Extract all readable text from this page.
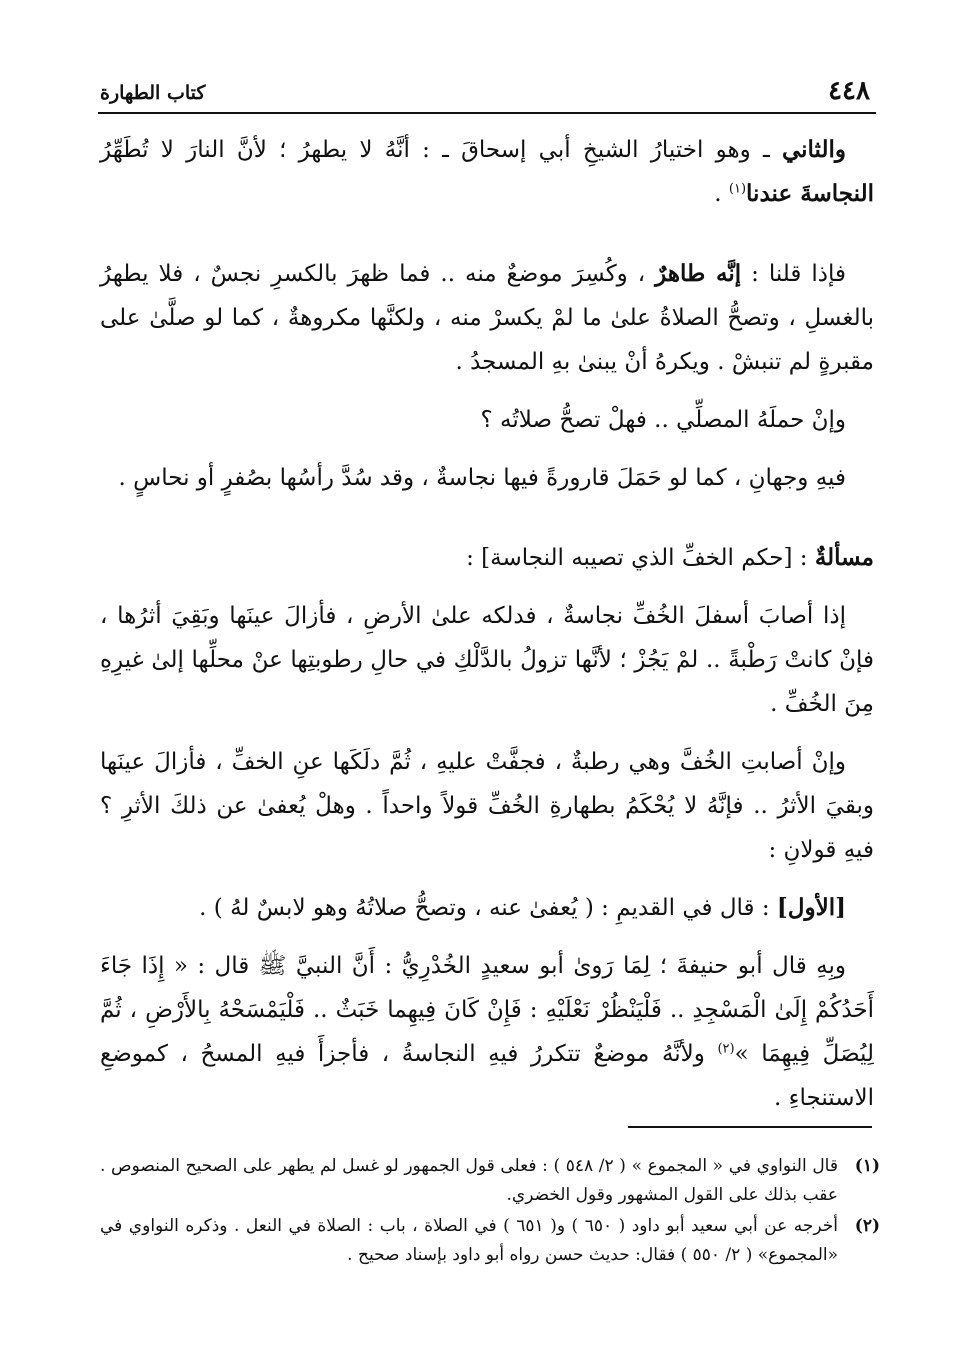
٤٤٨
كتاب الطهارة

والثاني ـ وهو اختيارُ الشيخِ أبي إسحاقَ ـ : أنَّهُ لا يطهرُ ؛ لأنَّ النارَ لا تُطَهِّرُ النجاسةَ عندنا$^{(١)}$ .

فإذا قلنا : إنَّه طاهرٌ ، وكُسِرَ موضعٌ منه .. فما ظهرَ بالكسرِ نجسٌ ، فلا يطهرُ بالغسلِ ، وتصحُّ الصلاةُ علىٰ ما لمْ يكسرْ منه ، ولكنَّها مكروهةٌ ، كما لو صلَّىٰ على مقبرةٍ لم تنبشْ . ويكرهُ أنْ يبنىٰ بهِ المسجدُ .

وإنْ حملَهُ المصلِّي .. فهلْ تصحُّ صلاتُه ؟

فيهِ وجهانِ ، كما لو حَمَلَ قارورةً فيها نجاسةٌ ، وقد سُدَّ رأسُها بصُفرٍ أو نحاسٍ .

مسألةٌ : [حكم الخفِّ الذي تصيبه النجاسة] :

إذا أصابَ أسفلَ الخُفِّ نجاسةٌ ، فدلكه علىٰ الأرضِ ، فأزالَ عينَها وبَقِيَ أثرُها ، فإنْ كانتْ رَطْبةً .. لمْ يَجُزْ ؛ لأنَّها تزولُ بالدَّلْكِ في حالِ رطوبتِها عنْ محلِّها إلىٰ غيرِهِ مِنَ الخُفِّ .

وإنْ أصابتِ الخُفَّ وهي رطبةٌ ، فجفَّتْ عليهِ ، ثُمَّ دلَكَها عنِ الخفِّ ، فأزالَ عينَها وبقيَ الأثرُ .. فإنَّهُ لا يُحْكَمُ بطهارةِ الخُفِّ قولاً واحداً . وهلْ يُعفىٰ عن ذلكَ الأثرِ ؟ فيهِ قولانِ :

[الأول] : قال في القديمِ : ( يُعفىٰ عنه ، وتصحُّ صلاتُهُ وهو لابسٌ لهُ ) .

وبِهِ قال أبو حنيفةَ ؛ لِمَا رَوىٰ أبو سعيدٍ الخُدْرِيُّ : أَنَّ النبيَّ ﷺ قال : « إِذَا جَاءَ أَحَدُكُمْ إِلَىٰ الْمَسْجِدِ .. فَلْيَنْظُرْ نَعْلَيْهِ : فَإِنْ كَانَ فِيهِما خَبَثٌ .. فَلْيَمْسَحْهُ بِالأَرْضِ ، ثُمَّ لِيُصَلِّ فِيهِمَا »$^{(٢)}$ ولأنَّهُ موضعٌ تتكررُ فيهِ النجاسةُ ، فأجزأَ فيهِ المسحُ ، كموضعِ الاستنجاءِ .

(١)
قال النواوي في « المجموع » ( ٢/ ٥٤٨ ) : فعلى قول الجمهور لو غسل لم يطهر على الصحيح المنصوص . عقب بذلك على القول المشهور وقول الخضري.
(٢)
أخرجه عن أبي سعيد أبو داود ( ٦٥٠ ) و( ٦٥١ ) في الصلاة ، باب : الصلاة في النعل . وذكره النواوي في «المجموع» ( ٢/ ٥٥٠ ) فقال: حديث حسن رواه أبو داود بإسناد صحيح .
